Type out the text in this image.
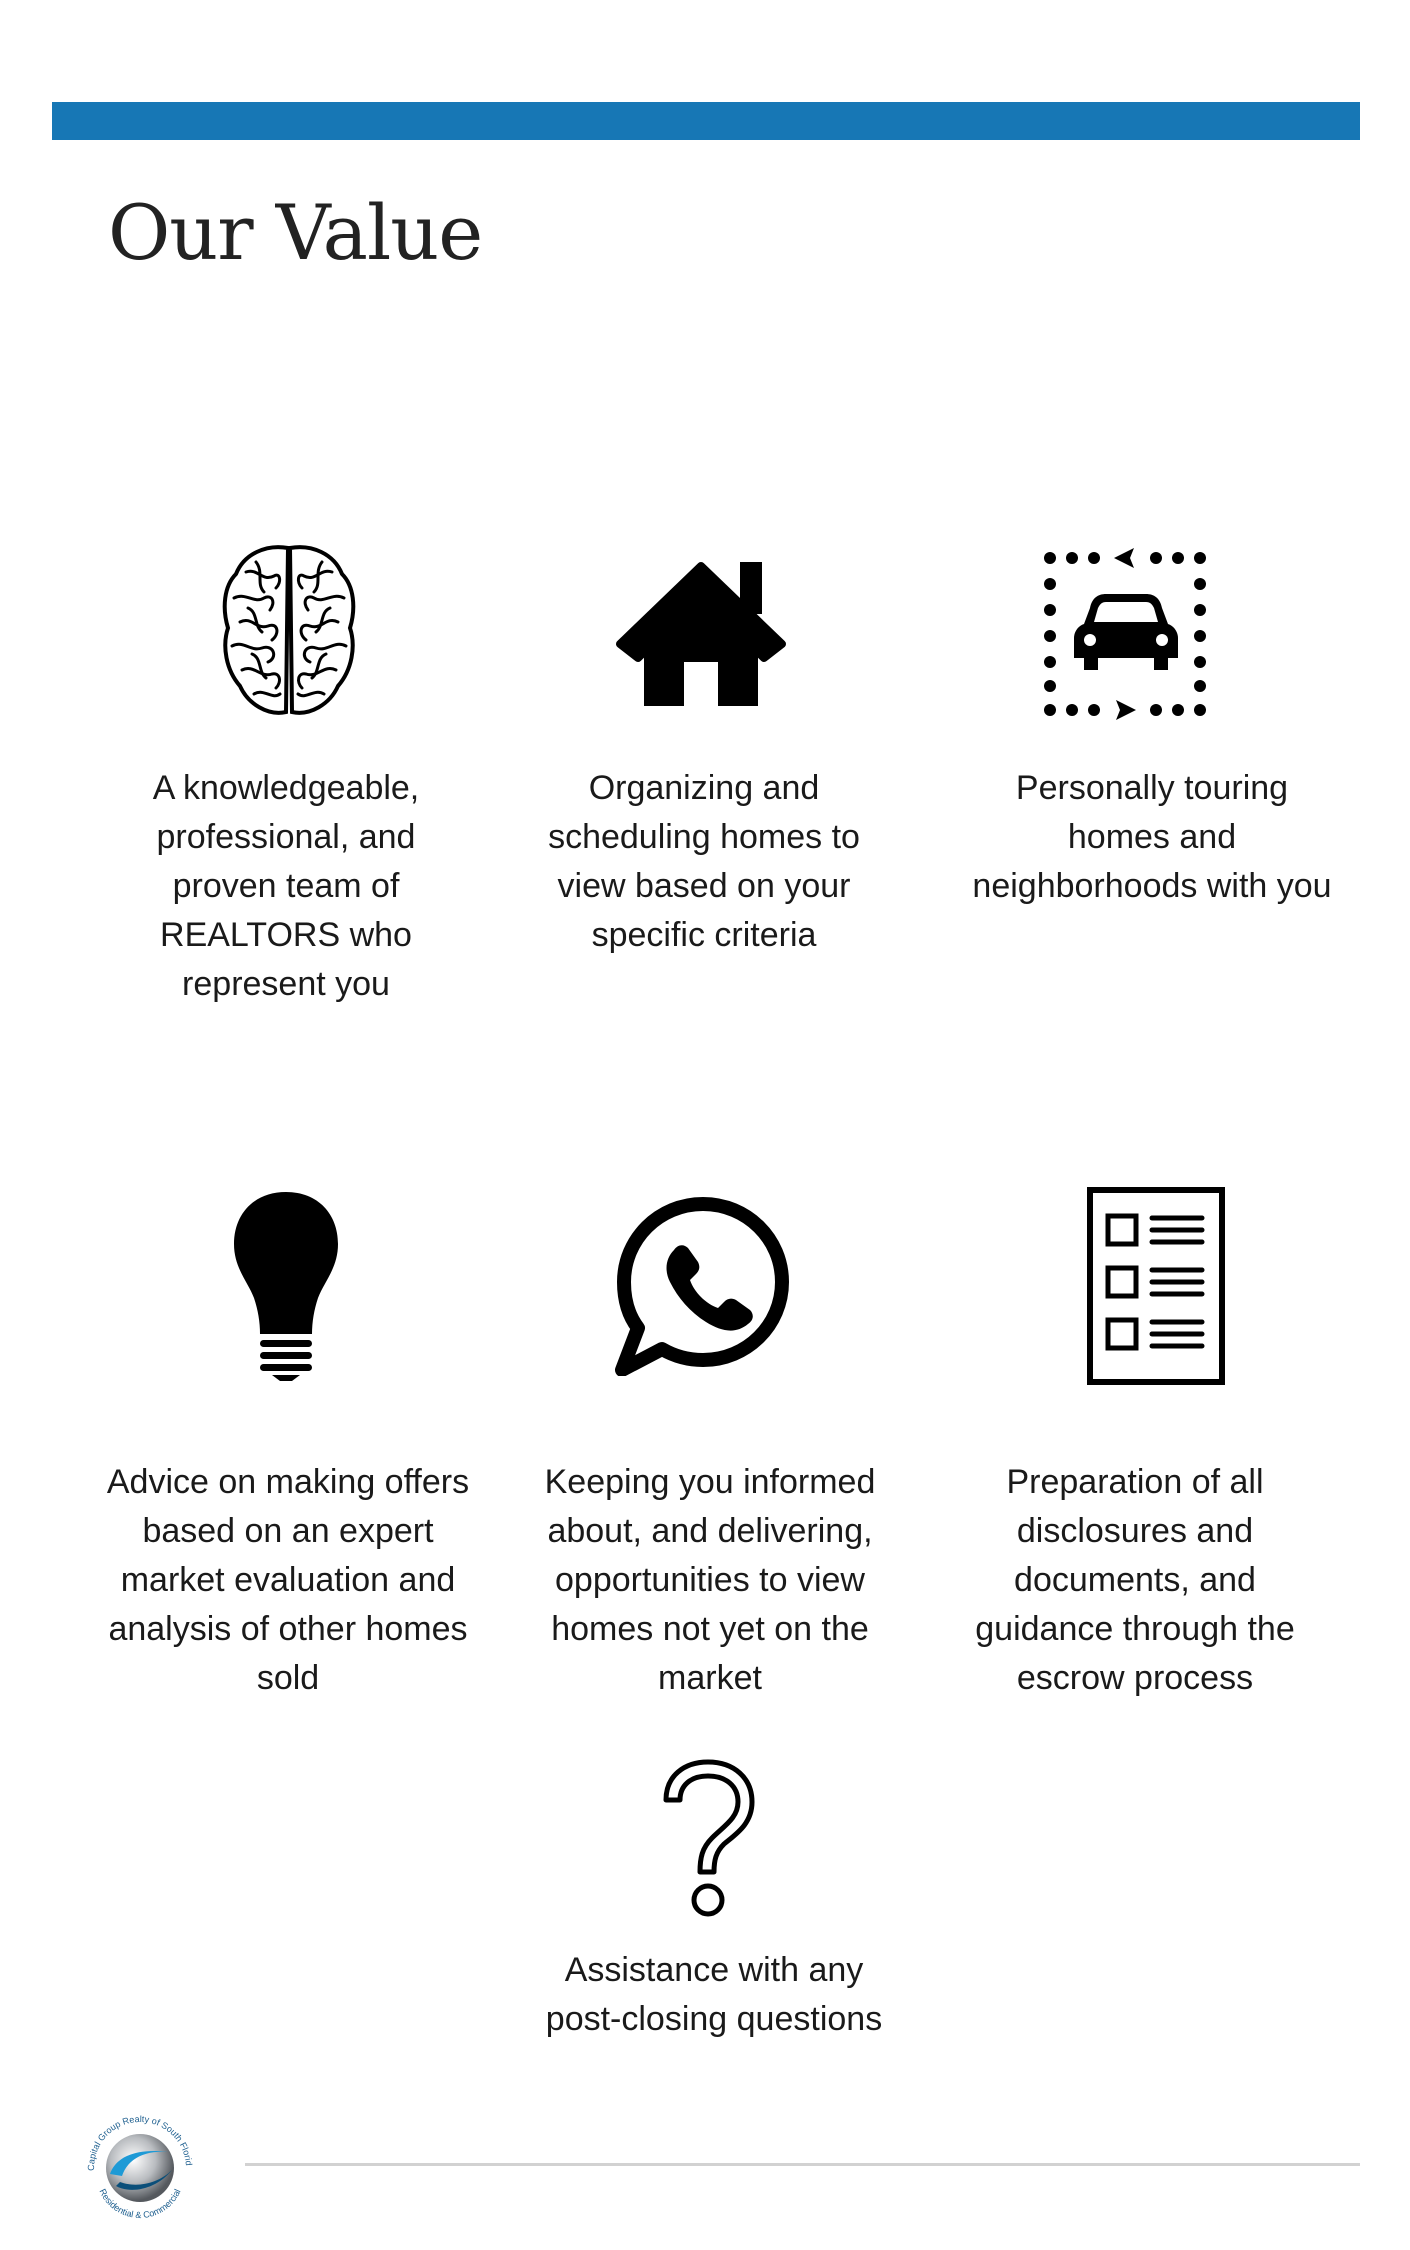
Our Value

A knowledgeable,
professional, and
proven team of
REALTORS who
represent you

Organizing and
scheduling homes to
view based on your
specific criteria

Personally touring
homes and
neighborhoods with you

Advice on making offers
based on an expert
market evaluation and
analysis of other homes
sold

Keeping you informed
about, and delivering,
opportunities to view
homes not yet on the
market

Preparation of all
disclosures and
documents, and
guidance through the
escrow process

Assistance with any
post-closing questions

Capital Group Realty of South Florid
Residential & Commercial
